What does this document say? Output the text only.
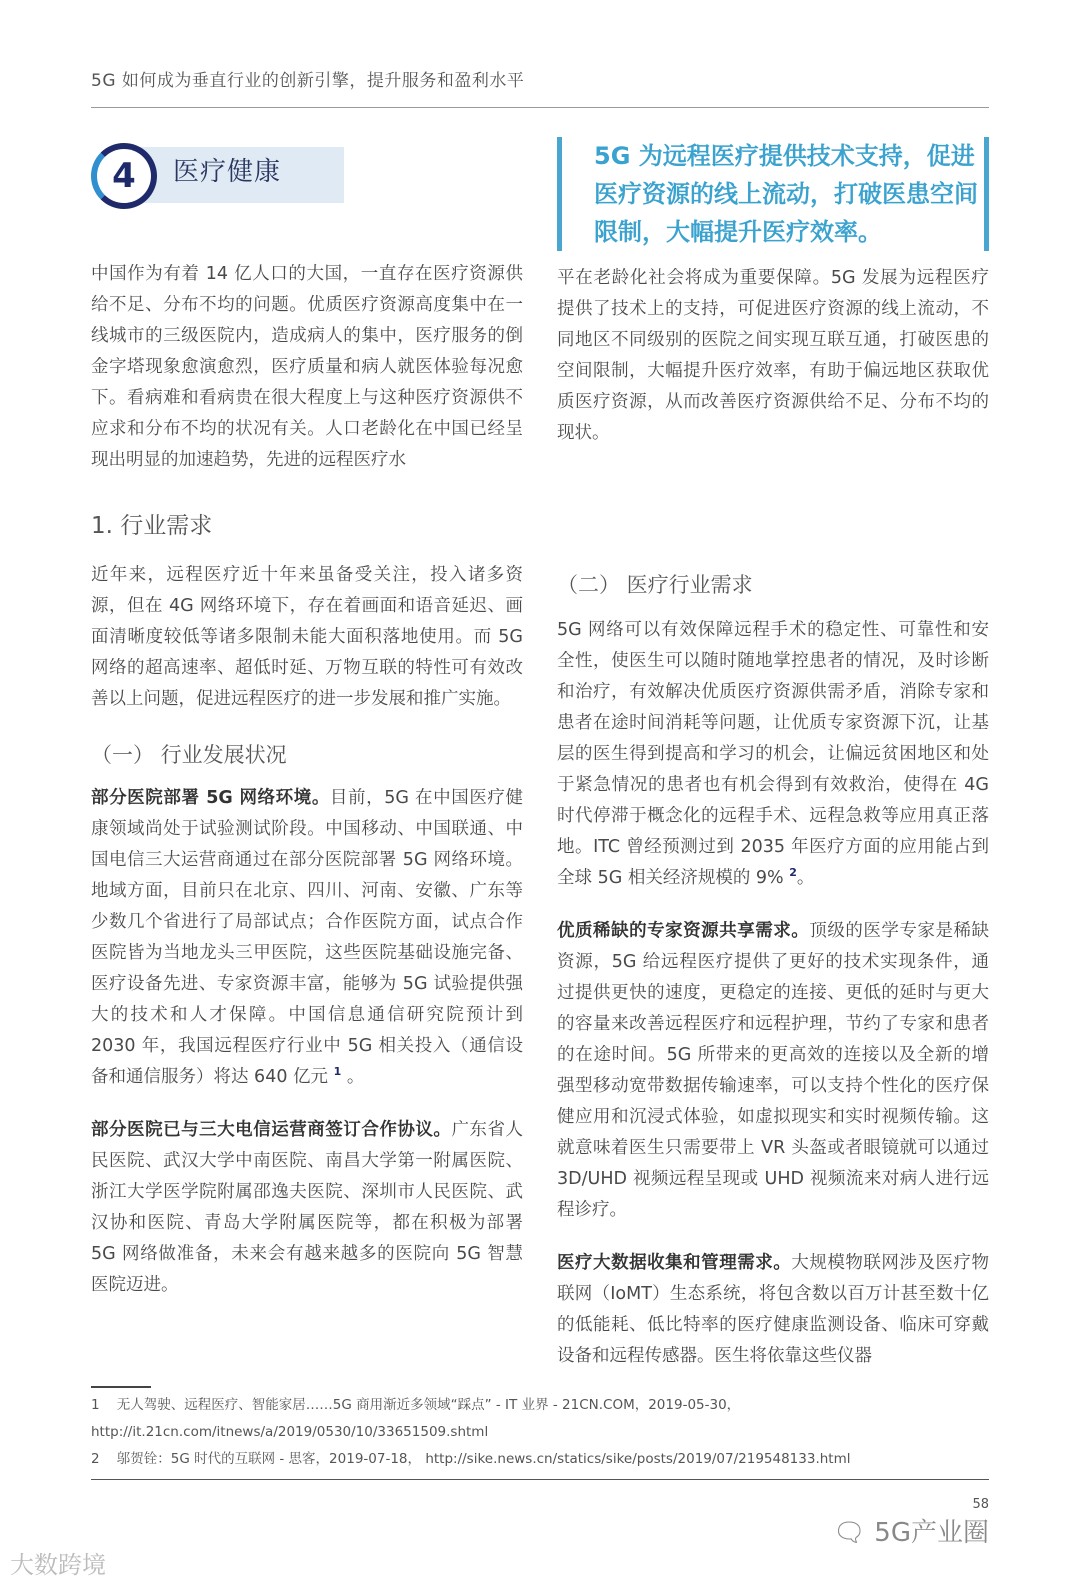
5G 如何成为垂直行业的创新引擎，提升服务和盈利水平
4 医疗健康

中国作为有着 14 亿人口的大国，一直存在医疗资源供给不足、分布不均的问题。优质医疗资源高度集中在一线城市的三级医院内，造成病人的集中，医疗服务的倒金字塔现象愈演愈烈，医疗质量和病人就医体验每况愈下。看病难和看病贵在很大程度上与这种医疗资源供不应求和分布不均的状况有关。人口老龄化在中国已经呈现出明显的加速趋势，先进的远程医疗水

1. 行业需求

近年来，远程医疗近十年来虽备受关注，投入诸多资源，但在 4G 网络环境下，存在着画面和语音延迟、画面清晰度较低等诸多限制未能大面积落地使用。而 5G 网络的超高速率、超低时延、万物互联的特性可有效改善以上问题，促进远程医疗的进一步发展和推广实施。

（一） 行业发展状况

部分医院部署 5G 网络环境。目前，5G 在中国医疗健康领域尚处于试验测试阶段。中国移动、中国联通、中国电信三大运营商通过在部分医院部署 5G 网络环境。地域方面，目前只在北京、四川、河南、安徽、广东等少数几个省进行了局部试点；合作医院方面，试点合作医院皆为当地龙头三甲医院，这些医院基础设施完备、医疗设备先进、专家资源丰富，能够为 5G 试验提供强大的技术和人才保障。中国信息通信研究院预计到 2030 年，我国远程医疗行业中 5G 相关投入（通信设备和通信服务）将达 640 亿元 $^1$ 。

部分医院已与三大电信运营商签订合作协议。广东省人民医院、武汉大学中南医院、南昌大学第一附属医院、浙江大学医学院附属邵逸夫医院、深圳市人民医院、武汉协和医院、青岛大学附属医院等，都在积极为部署 5G 网络做准备，未来会有越来越多的医院向 5G 智慧医院迈进。

5G 为远程医疗提供技术支持，促进医疗资源的线上流动，打破医患空间限制，大幅提升医疗效率。

平在老龄化社会将成为重要保障。5G 发展为远程医疗提供了技术上的支持，可促进医疗资源的线上流动，不同地区不同级别的医院之间实现互联互通，打破医患的空间限制，大幅提升医疗效率，有助于偏远地区获取优质医疗资源，从而改善医疗资源供给不足、分布不均的现状。

（二） 医疗行业需求

5G 网络可以有效保障远程手术的稳定性、可靠性和安全性，使医生可以随时随地掌控患者的情况，及时诊断和治疗，有效解决优质医疗资源供需矛盾，消除专家和患者在途时间消耗等问题，让优质专家资源下沉，让基层的医生得到提高和学习的机会，让偏远贫困地区和处于紧急情况的患者也有机会得到有效救治，使得在 4G 时代停滞于概念化的远程手术、远程急救等应用真正落地。ITC 曾经预测过到 2035 年医疗方面的应用能占到全球 5G 相关经济规模的 9% $^2$。

优质稀缺的专家资源共享需求。顶级的医学专家是稀缺资源，5G 给远程医疗提供了更好的技术实现条件，通过提供更快的速度，更稳定的连接、更低的延时与更大的容量来改善远程医疗和远程护理，节约了专家和患者的在途时间。5G 所带来的更高效的连接以及全新的增强型移动宽带数据传输速率，可以支持个性化的医疗保健应用和沉浸式体验，如虚拟现实和实时视频传输。这就意味着医生只需要带上 VR 头盔或者眼镜就可以通过 3D/UHD 视频远程呈现或 UHD 视频流来对病人进行远程诊疗。

医疗大数据收集和管理需求。大规模物联网涉及医疗物联网（IoMT）生态系统，将包含数以百万计甚至数十亿的低能耗、低比特率的医疗健康监测设备、临床可穿戴设备和远程传感器。医生将依靠这些仪器

1 无人驾驶、远程医疗、智能家居……5G 商用渐近多领域“踩点” - IT 业界 - 21CN.COM，2019-05-30，
http://it.21cn.com/itnews/a/2019/0530/10/33651509.shtml
2 邬贺铨：5G 时代的互联网 - 思客，2019-07-18， http://sike.news.cn/statics/sike/posts/2019/07/219548133.html
58
🗨 5G产业圈
大数跨境
